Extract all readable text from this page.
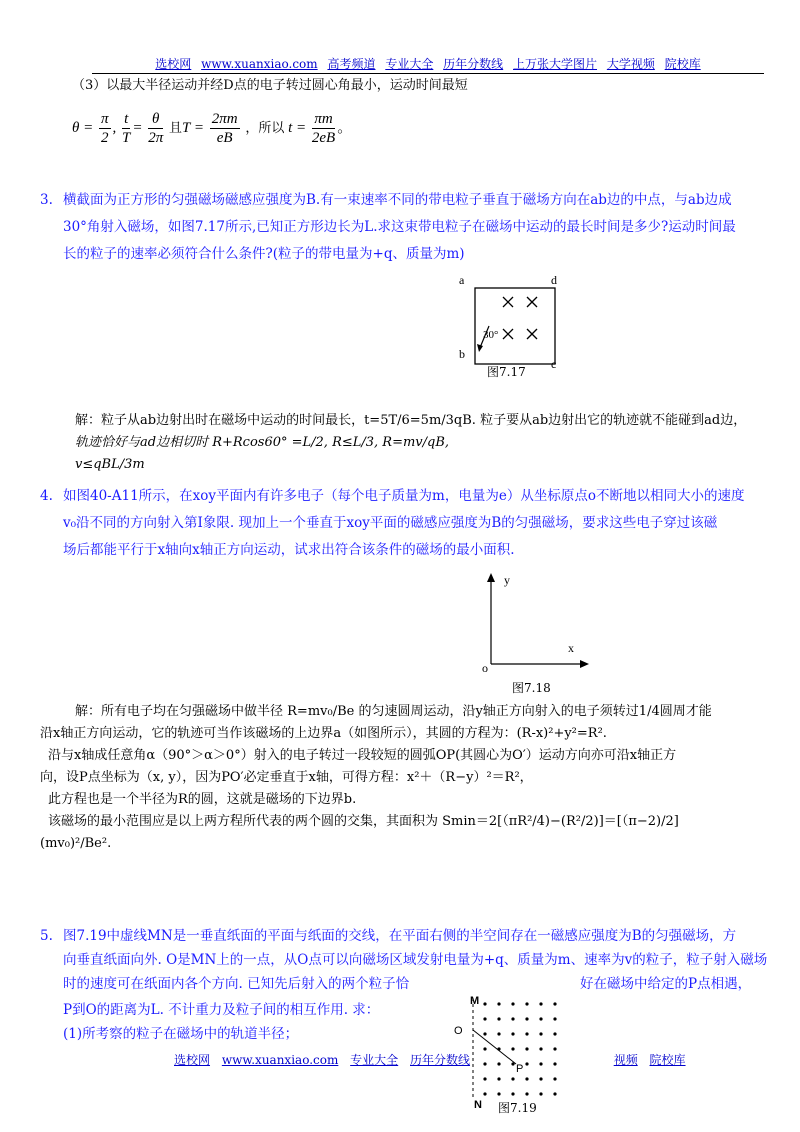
选校网 www.xuanxiao.com 高考频道 专业大全 历年分数线 上万张大学图片 大学视频 院校库
（3）以最大半径运动并经D点的电子转过圆心角最小，运动时间最短
$\theta = \frac{\pi}{2}$ , $\frac{t}{T} = \frac{\theta}{2\pi}$ 且$T = \frac{2\pi m}{eB}$ ，所以 $t = \frac{\pi m}{2eB}$ 。
3. 横截面为正方形的匀强磁场磁感应强度为B.有一束速率不同的带电粒子垂直于磁场方向在ab边的中点，与ab边成
30°角射入磁场，如图7.17所示,已知正方形边长为L.求这束带电粒子在磁场中运动的最长时间是多少?运动时间最
长的粒子的速率必须符合什么条件?(粒子的带电量为+q、质量为m)
a	d
b
c
30°
图7.17
解：粒子从ab边射出时在磁场中运动的时间最长，t=5T/6=5m/3qB. 粒子要从ab边射出它的轨迹就不能碰到ad边，
轨迹恰好与ad边相切时 R+Rcos60° =L/2, R≤L/3, R=mv/qB,
v≤qBL/3m
4. 如图40-A11所示，在xoy平面内有许多电子（每个电子质量为m，电量为e）从坐标原点o不断地以相同大小的速度
v₀沿不同的方向射入第Ⅰ象限. 现加上一个垂直于xoy平面的磁感应强度为B的匀强磁场，要求这些电子穿过该磁
场后都能平行于x轴向x轴正方向运动，试求出符合该条件的磁场的最小面积.
y
x
o
图7.18
解：所有电子均在匀强磁场中做半径 R=mv₀/Be 的匀速圆周运动，沿y轴正方向射入的电子须转过1/4圆周才能
沿x轴正方向运动，它的轨迹可当作该磁场的上边界a（如图所示），其圆的方程为：(R-x)²+y²=R².
沿与x轴成任意角α（90°＞α＞0°）射入的电子转过一段较短的圆弧OP(其圆心为O′）运动方向亦可沿x轴正方
向，设P点坐标为（x, y），因为PO′必定垂直于x轴，可得方程：x²＋（R−y）²＝R²，
此方程也是一个半径为R的圆，这就是磁场的下边界b.
该磁场的最小范围应是以上两方程所代表的两个圆的交集，其面积为 Smin＝2[（πR²/4)−(R²/2)]＝[（π−2)/2]
(mv₀)²/Be².
5. 图7.19中虚线MN是一垂直纸面的平面与纸面的交线，在平面右侧的半空间存在一磁感应强度为B的匀强磁场，方
向垂直纸面向外. O是MN上的一点，从O点可以向磁场区域发射电量为+q、质量为m、速率为v的粒子，粒子射入磁场
时的速度可在纸面内各个方向. 已知先后射入的两个粒子恰	好在磁场中给定的P点相遇，
P到O的距离为L. 不计重力及粒子间的相互作用. 求：
(1)所考察的粒子在磁场中的轨道半径；
M
O
N
P
图7.19
选校网 www.xuanxiao.com 专业大全 历年分数线	视频 院校库
